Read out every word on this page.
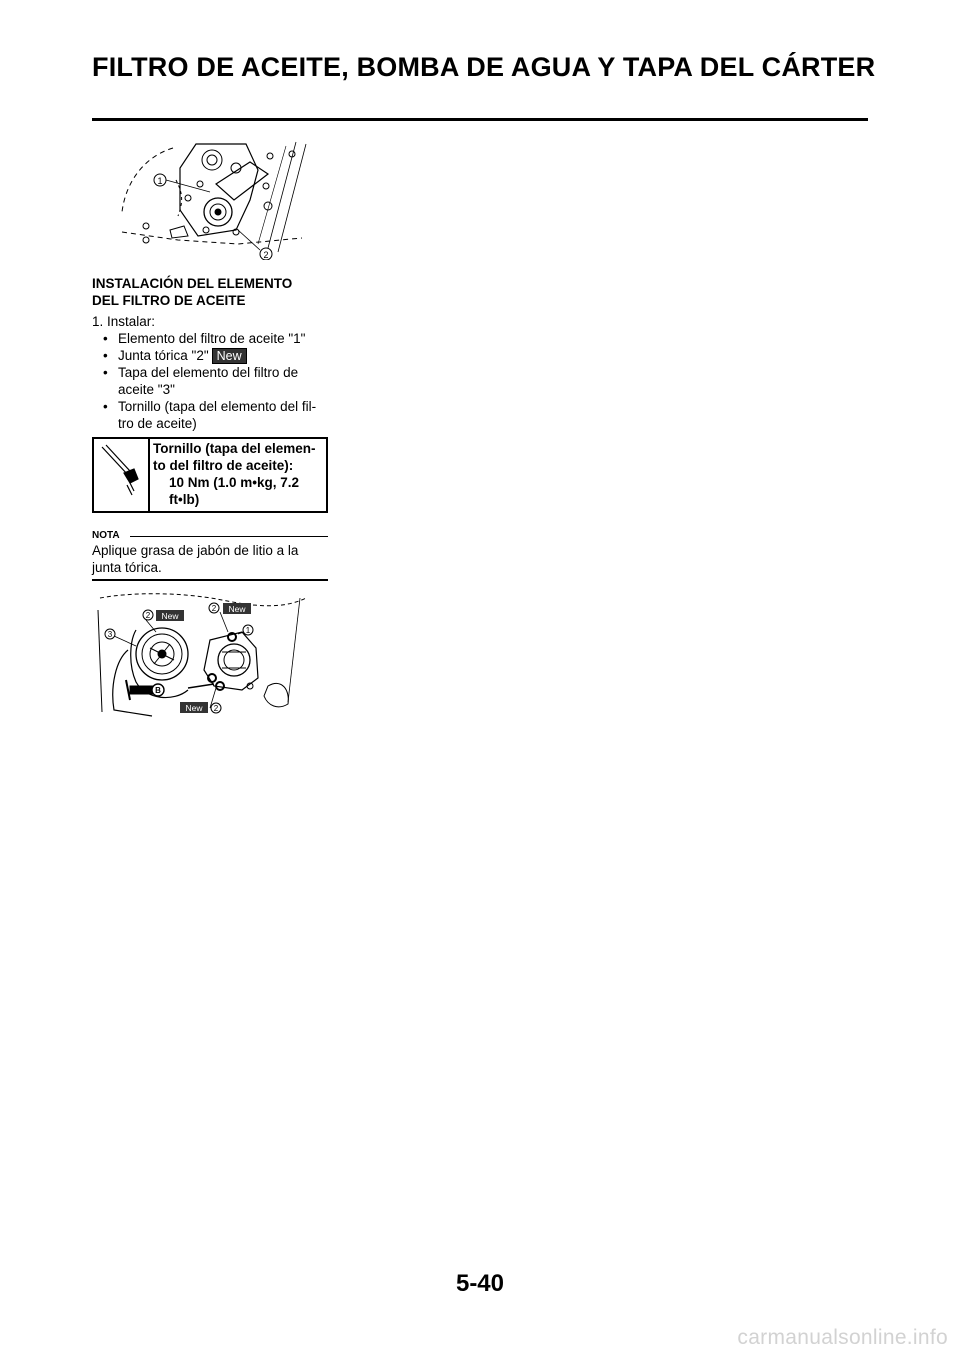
FILTRO DE ACEITE, BOMBA DE AGUA Y TAPA DEL CÁRTER
1
2
INSTALACIÓN DEL ELEMENTO
DEL FILTRO DE ACEITE
1. Instalar:
• Elemento del filtro de aceite "1"
• Junta tórica "2" New
• Tapa del elemento del filtro de
aceite "3"
• Tornillo (tapa del elemento del fil-
tro de aceite)
Tornillo (tapa del elemen-
to del filtro de aceite):
10 Nm (1.0 m•kg, 7.2
ft•lb)
NOTA
Aplique grasa de jabón de litio a la
junta tórica.
B
2 New
2 New
1
3
New 2
5-40
carmanualsonline.info
